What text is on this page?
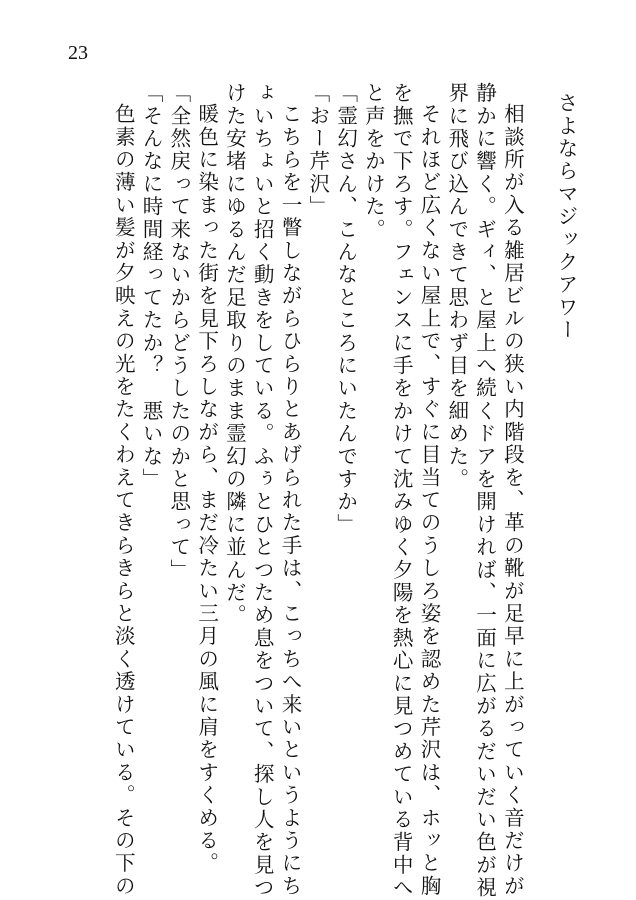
23
さよならマジックアワー
相談所が入る雑居ビルの狭い内階段を、革の靴が足早に上がっていく音だけが
静かに響く。ギィ、と屋上へ続くドアを開ければ、一面に広がるだいだい色が視
界に飛び込んできて思わず目を細めた。
それほど広くない屋上で、すぐに目当てのうしろ姿を認めた芹沢は、ホッと胸
を撫で下ろす。フェンスに手をかけて沈みゆく夕陽を熱心に見つめている背中へ
と声をかけた。
「霊幻さん、こんなところにいたんですか」
「おー芹沢」
こちらを一瞥しながらひらりとあげられた手は、こっちへ来いというようにち
ょいちょいと招く動きをしている。ふぅとひとつため息をついて、探し人を見つ
けた安堵にゆるんだ足取りのまま霊幻の隣に並んだ。
暖色に染まった街を見下ろしながら、まだ冷たい三月の風に肩をすくめる。
「全然戻って来ないからどうしたのかと思って」
「そんなに時間経ってたか？　悪いな」
色素の薄い髪が夕映えの光をたくわえてきらきらと淡く透けている。その下の
